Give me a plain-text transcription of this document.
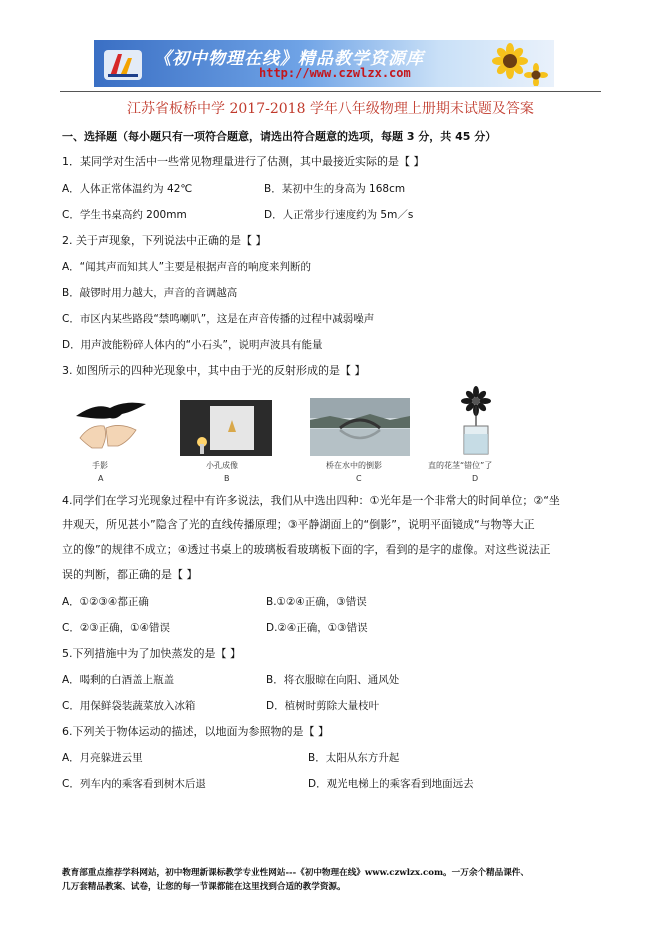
《初中物理在线》精品教学资源库
http://www.czwlzx.com
江苏省板桥中学 2017-2018 学年八年级物理上册期末试题及答案
一、选择题（每小题只有一项符合题意，请选出符合题意的选项，每题 3 分，共 45 分）
1．某同学对生活中一些常见物理量进行了估测，其中最接近实际的是【 】
A．人体正常体温约为 42℃	B．某初中生的身高为 168cm
C．学生书桌高约 200mm	D．人正常步行速度约为 5m／s
2. 关于声现象，下列说法中正确的是【 】
A．“闻其声而知其人”主要是根据声音的响度来判断的
B．敲锣时用力越大，声音的音调越高
C．市区内某些路段“禁鸣喇叭”，这是在声音传播的过程中减弱噪声
D．用声波能粉碎人体内的“小石头”，说明声波具有能量
3. 如图所示的四种光现象中，其中由于光的反射形成的是【 】
手影
A
小孔成像
B
桥在水中的倒影
C
直的花茎“错位”了
D
4.同学们在学习光现象过程中有许多说法，我们从中选出四种：①光年是一个非常大的时间单位；②“坐
井观天，所见甚小”隐含了光的直线传播原理；③平静湖面上的“倒影”，说明平面镜成“与物等大正
立的像”的规律不成立；④透过书桌上的玻璃板看玻璃板下面的字，看到的是字的虚像。对这些说法正
误的判断，都正确的是【 】
A．①②③④都正确	B.①②④正确，③错误
C．②③正确，①④错误	D.②④正确，①③错误
5.下列措施中为了加快蒸发的是【 】
A．喝剩的白酒盖上瓶盖	B．将衣服晾在向阳、通风处
C．用保鲜袋装蔬菜放入冰箱	D．植树时剪除大量枝叶
6.下列关于物体运动的描述，以地面为参照物的是【 】
A．月亮躲进云里	B．太阳从东方升起
C．列车内的乘客看到树木后退	D．观光电梯上的乘客看到地面远去
教育部重点推荐学科网站，初中物理新课标教学专业性网站---《初中物理在线》www.czwlzx.com。一万余个精品课件、
几万套精品教案、试卷，让您的每一节课都能在这里找到合适的教学资源。
